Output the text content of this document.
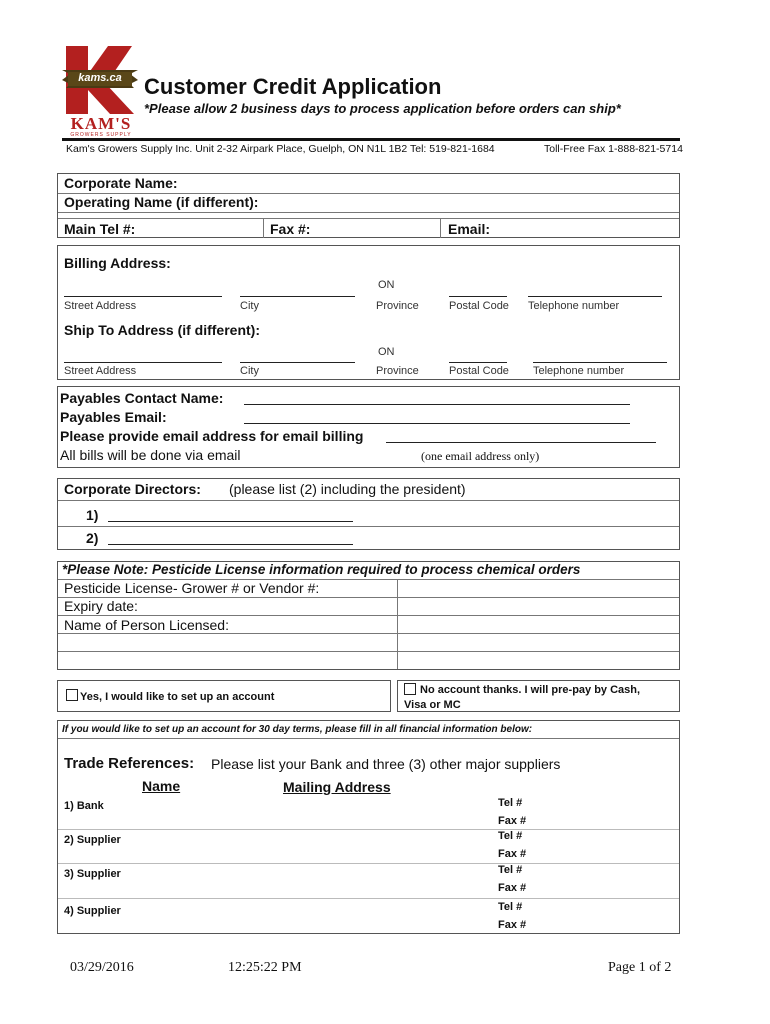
kams.ca
KAM'S
GROWERS SUPPLY
Customer Credit Application
*Please allow 2 business days to process application before orders can ship*
Kam's Growers Supply Inc. Unit 2-32 Airpark Place, Guelph, ON N1L 1B2 Tel: 519-821-1684	Toll-Free Fax 1-888-821-5714
Corporate Name:
Operating Name (if different):
Main Tel #:	Fax #:	Email:
Billing Address:
ON
Street Address	City	Province	Postal Code Telephone number
Ship To Address (if different):
ON
Street Address	City	Province	Postal Code Telephone number
Payables Contact Name:
Payables Email:
Please provide email address for email billing
All bills will be done via email	(one email address only)
Corporate Directors: (please list (2) including the president)
1)
2)
*Please Note: Pesticide License information required to process chemical orders
Pesticide License- Grower # or Vendor #:
Expiry date:
Name of Person Licensed:
Yes, I would like to set up an account
No account thanks. I will pre-pay by Cash,
Visa or MC
If you would like to set up an account for 30 day terms, please fill in all financial information below:
Trade References: Please list your Bank and three (3) other major suppliers
Name	Mailing Address
1) Bank	Tel #
Fax #
2) Supplier	Tel #
Fax #
3) Supplier	Tel #
Fax #
4) Supplier	Tel #
Fax #
03/29/2016	12:25:22 PM	Page 1 of 2
